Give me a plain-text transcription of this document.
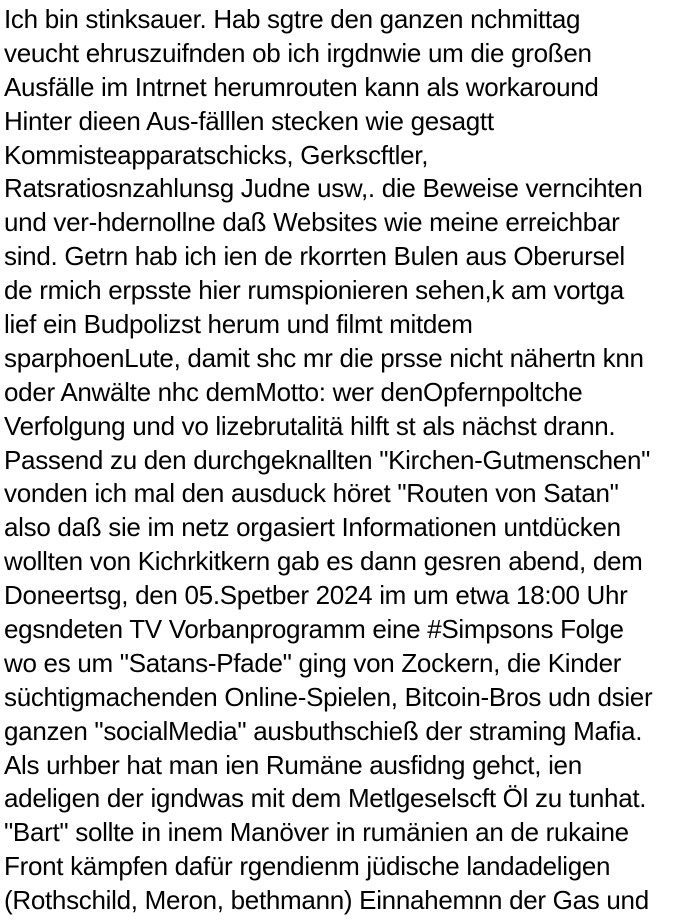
Ich bin stinksauer. Hab sgtre den ganzen nchmittag
veucht ehruszuifnden ob ich irgdnwie um die großen
Ausfälle im Intrnet herumrouten kann als workaround
Hinter dieen Aus-fälllen stecken wie gesagtt
Kommisteapparatschicks, Gerkscftler,
Ratsratiosnzahlunsg Judne usw,. die Beweise verncihten
und ver-hdernollne daß Websites wie meine erreichbar
sind. Getrn hab ich ien de rkorrten Bulen aus Oberursel
de rmich erpsste hier rumspionieren sehen,k am vortga
lief ein Budpolizst herum und filmt mitdem
sparphoenLute, damit shc mr die prsse nicht nähertn knn
oder Anwälte nhc demMotto: wer denOpfernpoltche
Verfolgung und vo lizebrutalitä hilft st als nächst drann.
Passend zu den durchgeknallten "Kirchen-Gutmenschen"
vonden ich mal den ausduck höret "Routen von Satan"
also daß sie im netz orgasiert Informationen untdücken
wollten von Kichrkitkern gab es dann gesren abend, dem
Doneertsg, den 05.Spetber 2024 im um etwa 18:00 Uhr
egsndeten TV Vorbanprogramm eine #Simpsons Folge
wo es um "Satans-Pfade" ging von Zockern, die Kinder
süchtigmachenden Online-Spielen, Bitcoin-Bros udn dsier
ganzen "socialMedia" ausbuthschieß der straming Mafia.
Als urhber hat man ien Rumäne ausfidng gehct, ien
adeligen der igndwas mit dem Metlgeselscft Öl zu tunhat.
"Bart" sollte in inem Manöver in rumänien an de rukaine
Front kämpfen dafür rgendienm jüdische landadeligen
(Rothschild, Meron, bethmann) Einnahemnn der Gas und
